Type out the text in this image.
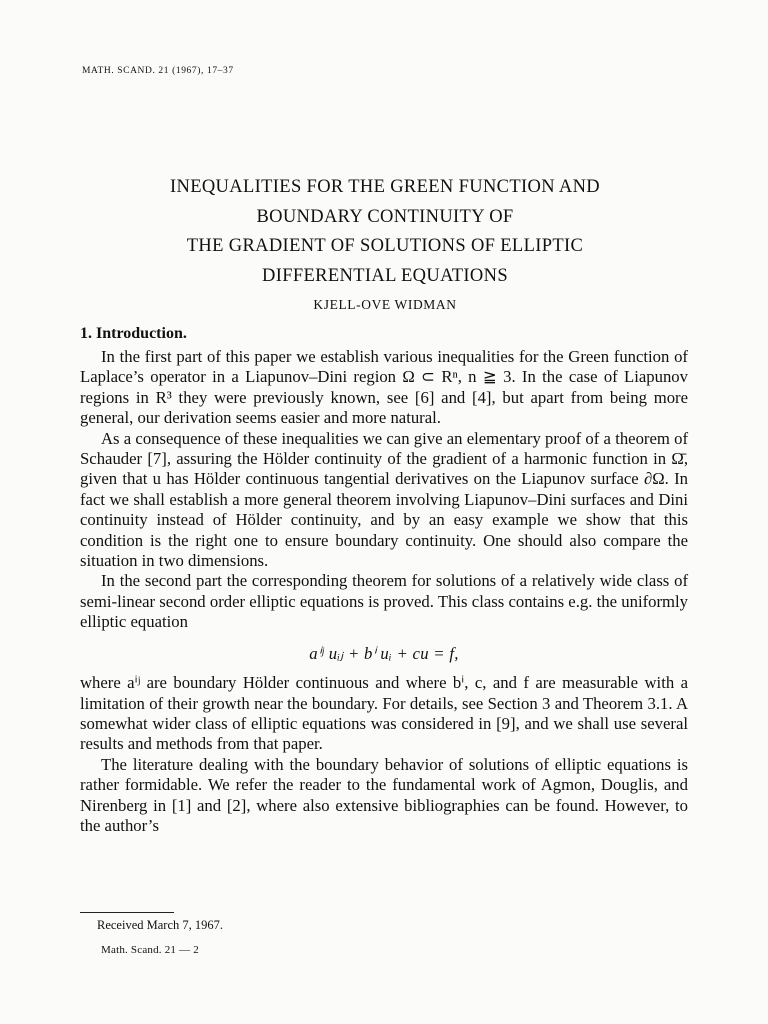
MATH. SCAND. 21 (1967), 17–37
INEQUALITIES FOR THE GREEN FUNCTION AND
BOUNDARY CONTINUITY OF
THE GRADIENT OF SOLUTIONS OF ELLIPTIC
DIFFERENTIAL EQUATIONS
KJELL-OVE WIDMAN
1. Introduction.

In the first part of this paper we establish various inequalities for the Green function of Laplace’s operator in a Liapunov–Dini region Ω ⊂ Rⁿ, n ≧ 3. In the case of Liapunov regions in R³ they were previously known, see [6] and [4], but apart from being more general, our derivation seems easier and more natural.

As a consequence of these inequalities we can give an elementary proof of a theorem of Schauder [7], assuring the Hölder continuity of the gradient of a harmonic function in Ω̄, given that u has Hölder continuous tangential derivatives on the Liapunov surface ∂Ω. In fact we shall establish a more general theorem involving Liapunov–Dini surfaces and Dini continuity instead of Hölder continuity, and by an easy example we show that this condition is the right one to ensure boundary continuity. One should also compare the situation in two dimensions.

In the second part the corresponding theorem for solutions of a relatively wide class of semi-linear second order elliptic equations is proved. This class contains e.g. the uniformly elliptic equation

aⁱʲ uᵢⱼ + bⁱ uᵢ + cu = f,

where aⁱʲ are boundary Hölder continuous and where bⁱ, c, and f are measurable with a limitation of their growth near the boundary. For details, see Section 3 and Theorem 3.1. A somewhat wider class of elliptic equations was considered in [9], and we shall use several results and methods from that paper.

The literature dealing with the boundary behavior of solutions of elliptic equations is rather formidable. We refer the reader to the fundamental work of Agmon, Douglis, and Nirenberg in [1] and [2], where also extensive bibliographies can be found. However, to the author’s

Received March 7, 1967.
Math. Scand. 21 — 2
